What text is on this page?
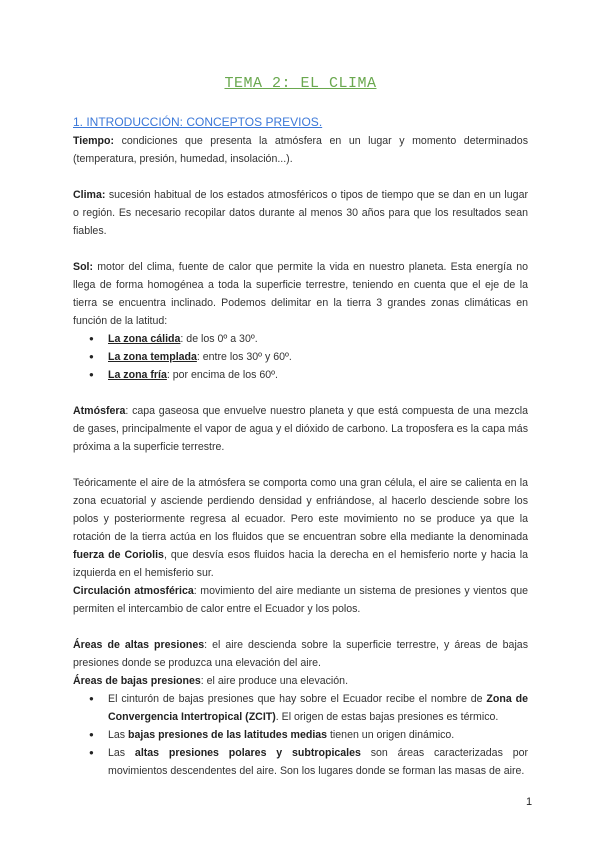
TEMA 2: EL CLIMA

1. INTRODUCCIÓN: CONCEPTOS PREVIOS.

Tiempo: condiciones que presenta la atmósfera en un lugar y momento determinados (temperatura, presión, humedad, insolación...).

Clima: sucesión habitual de los estados atmosféricos o tipos de tiempo que se dan en un lugar o región. Es necesario recopilar datos durante al menos 30 años para que los resultados sean fiables.

Sol: motor del clima, fuente de calor que permite la vida en nuestro planeta. Esta energía no llega de forma homogénea a toda la superficie terrestre, teniendo en cuenta que el eje de la tierra se encuentra inclinado. Podemos delimitar en la tierra 3 grandes zonas climáticas en función de la latitud:

● La zona cálida: de los 0º a 30º.
● La zona templada: entre los 30º y 60º.
● La zona fría: por encima de los 60º.

Atmósfera: capa gaseosa que envuelve nuestro planeta y que está compuesta de una mezcla de gases, principalmente el vapor de agua y el dióxido de carbono. La troposfera es la capa más próxima a la superficie terrestre.

Teóricamente el aire de la atmósfera se comporta como una gran célula, el aire se calienta en la zona ecuatorial y asciende perdiendo densidad y enfriándose, al hacerlo desciende sobre los polos y posteriormente regresa al ecuador. Pero este movimiento no se produce ya que la rotación de la tierra actúa en los fluidos que se encuentran sobre ella mediante la denominada fuerza de Coriolis, que desvía esos fluidos hacia la derecha en el hemisferio norte y hacia la izquierda en el hemisferio sur.

Circulación atmosférica: movimiento del aire mediante un sistema de presiones y vientos que permiten el intercambio de calor entre el Ecuador y los polos.

Áreas de altas presiones: el aire descienda sobre la superficie terrestre, y áreas de bajas presiones donde se produzca una elevación del aire.

Áreas de bajas presiones: el aire produce una elevación.

● El cinturón de bajas presiones que hay sobre el Ecuador recibe el nombre de Zona de Convergencia Intertropical (ZCIT). El origen de estas bajas presiones es térmico.
● Las bajas presiones de las latitudes medias tienen un origen dinámico.
● Las altas presiones polares y subtropicales son áreas caracterizadas por movimientos descendentes del aire. Son los lugares donde se forman las masas de aire.
1
